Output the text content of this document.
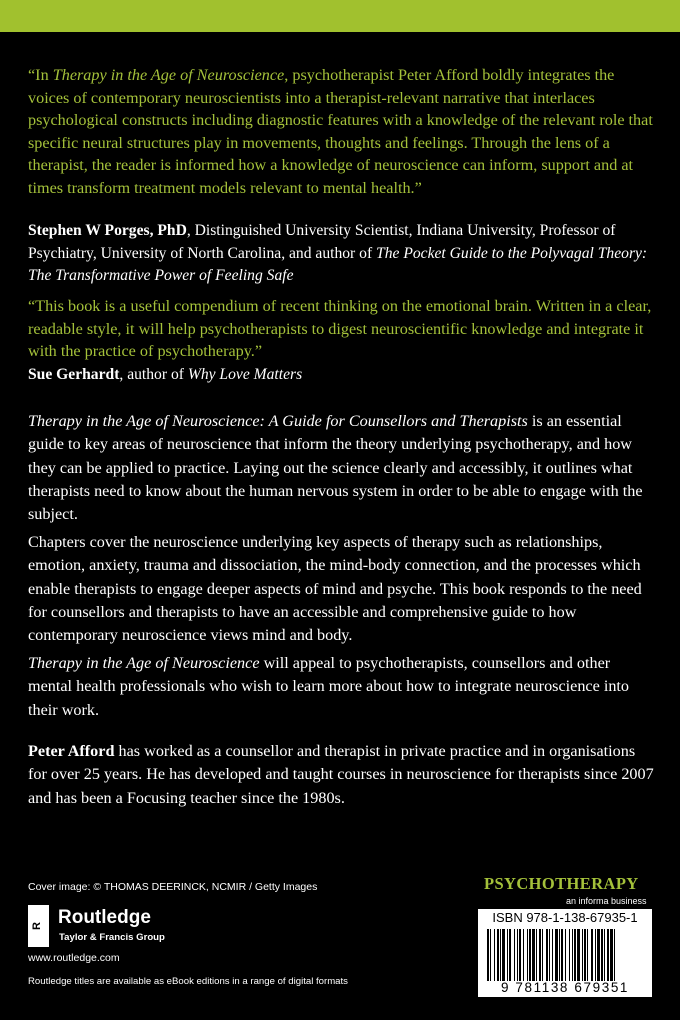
“In Therapy in the Age of Neuroscience, psychotherapist Peter Afford boldly integrates the voices of contemporary neuroscientists into a therapist-relevant narrative that interlaces psychological constructs including diagnostic features with a knowledge of the relevant role that specific neural structures play in movements, thoughts and feelings. Through the lens of a therapist, the reader is informed how a knowledge of neuroscience can inform, support and at times transform treatment models relevant to mental health.”
Stephen W Porges, PhD, Distinguished University Scientist, Indiana University, Professor of Psychiatry, University of North Carolina, and author of The Pocket Guide to the Polyvagal Theory: The Transformative Power of Feeling Safe
“This book is a useful compendium of recent thinking on the emotional brain. Written in a clear, readable style, it will help psychotherapists to digest neuroscientific knowledge and integrate it with the practice of psychotherapy.”
Sue Gerhardt, author of Why Love Matters
Therapy in the Age of Neuroscience: A Guide for Counsellors and Therapists is an essential guide to key areas of neuroscience that inform the theory underlying psychotherapy, and how they can be applied to practice. Laying out the science clearly and accessibly, it outlines what therapists need to know about the human nervous system in order to be able to engage with the subject.
Chapters cover the neuroscience underlying key aspects of therapy such as relationships, emotion, anxiety, trauma and dissociation, the mind-body connection, and the processes which enable therapists to engage deeper aspects of mind and psyche. This book responds to the need for counsellors and therapists to have an accessible and comprehensive guide to how contemporary neuroscience views mind and body.
Therapy in the Age of Neuroscience will appeal to psychotherapists, counsellors and other mental health professionals who wish to learn more about how to integrate neuroscience into their work.
Peter Afford has worked as a counsellor and therapist in private practice and in organisations for over 25 years. He has developed and taught courses in neuroscience for therapists since 2007 and has been a Focusing teacher since the 1980s.
Cover image: © THOMAS DEERINCK, NCMIR / Getty Images
R Routledge
Taylor & Francis Group
www.routledge.com
Routledge titles are available as eBook editions in a range of digital formats
PSYCHOTHERAPY
an informa business
ISBN 978-1-138-67935-1
9 781138 679351
